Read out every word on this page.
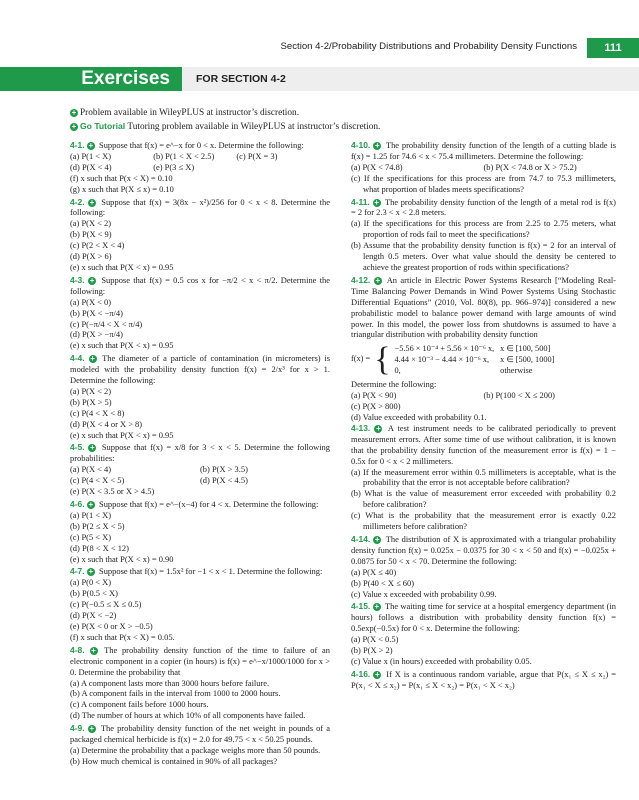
Section 4-2/Probability Distributions and Probability Density Functions	111
Exercises	FOR SECTION 4-2
+ Problem available in WileyPLUS at instructor’s discretion.
+ Go Tutorial Tutoring problem available in WileyPLUS at instructor’s discretion.
4-1. + Suppose that f(x) = e^−x for 0 < x. Determine the following:
(a) P(1 < X)	(b) P(1 < X < 2.5)	(c) P(X = 3)
(d) P(X < 4)	(e) P(3 ≤ X)
(f) x such that P(x < X) = 0.10
(g) x such that P(X ≤ x) = 0.10
4-2. + Suppose that f(x) = 3(8x − x²)/256 for 0 < x < 8. Determine the following:
(a) P(X < 2)
(b) P(X < 9)
(c) P(2 < X < 4)
(d) P(X > 6)
(e) x such that P(X < x) = 0.95
4-3. + Suppose that f(x) = 0.5 cos x for −π/2 < x < π/2. Determine the following:
(a) P(X < 0)
(b) P(X < −π/4)
(c) P(−π/4 < X < π/4)
(d) P(X > −π/4)
(e) x such that P(X < x) = 0.95
4-4. + The diameter of a particle of contamination (in micrometers) is modeled with the probability density function f(x) = 2/x³ for x > 1. Determine the following:
(a) P(X < 2)
(b) P(X > 5)
(c) P(4 < X < 8)
(d) P(X < 4 or X > 8)
(e) x such that P(X < x) = 0.95
4-5. + Suppose that f(x) = x/8 for 3 < x < 5. Determine the following probabilities:
(a) P(X < 4)	(b) P(X > 3.5)
(c) P(4 < X < 5)	(d) P(X < 4.5)
(e) P(X < 3.5 or X > 4.5)
4-6. + Suppose that f(x) = e^−(x−4) for 4 < x. Determine the following:
(a) P(1 < X)
(b) P(2 ≤ X < 5)
(c) P(5 < X)
(d) P(8 < X < 12)
(e) x such that P(X < x) = 0.90
4-7. + Suppose that f(x) = 1.5x² for −1 < x < 1. Determine the following:
(a) P(0 < X)
(b) P(0.5 < X)
(c) P(−0.5 ≤ X ≤ 0.5)
(d) P(X < −2)
(e) P(X < 0 or X > −0.5)
(f) x such that P(x < X) = 0.05.
4-8. + The probability density function of the time to failure of an electronic component in a copier (in hours) is f(x) = e^−x/1000/1000 for x > 0. Determine the probability that
(a) A component lasts more than 3000 hours before failure.
(b) A component fails in the interval from 1000 to 2000 hours.
(c) A component fails before 1000 hours.
(d) The number of hours at which 10% of all components have failed.
4-9. + The probability density function of the net weight in pounds of a packaged chemical herbicide is f(x) = 2.0 for 49.75 < x < 50.25 pounds.
(a) Determine the probability that a package weighs more than 50 pounds.
(b) How much chemical is contained in 90% of all packages?
4-10. + The probability density function of the length of a cutting blade is f(x) = 1.25 for 74.6 < x < 75.4 millimeters. Determine the following:
(a) P(X < 74.8)	(b) P(X < 74.8 or X > 75.2)
(c) If the specifications for this process are from 74.7 to 75.3 millimeters, what proportion of blades meets specifications?
4-11. + The probability density function of the length of a metal rod is f(x) = 2 for 2.3 < x < 2.8 meters.
(a) If the specifications for this process are from 2.25 to 2.75 meters, what proportion of rods fail to meet the specifications?
(b) Assume that the probability density function is f(x) = 2 for an interval of length 0.5 meters. Over what value should the density be centered to achieve the greatest proportion of rods within specifications?
4-12. + An article in Electric Power Systems Research [“Modeling Real-Time Balancing Power Demands in Wind Power Systems Using Stochastic Differential Equations” (2010, Vol. 80(8), pp. 966–974)] considered a new probabilistic model to balance power demand with large amounts of wind power. In this model, the power loss from shutdowns is assumed to have a triangular distribution with probability density function
f(x) = { −5.56 × 10⁻⁴ + 5.56 × 10⁻⁶ x,	x ∈ [100, 500]
4.44 × 10⁻³ − 4.44 × 10⁻⁶ x,	x ∈ [500, 1000]
0,	otherwise
Determine the following:
(a) P(X < 90)	(b) P(100 < X ≤ 200)
(c) P(X > 800)
(d) Value exceeded with probability 0.1.
4-13. + A test instrument needs to be calibrated periodically to prevent measurement errors. After some time of use without calibration, it is known that the probability density function of the measurement error is f(x) = 1 − 0.5x for 0 < x < 2 millimeters.
(a) If the measurement error within 0.5 millimeters is acceptable, what is the probability that the error is not acceptable before calibration?
(b) What is the value of measurement error exceeded with probability 0.2 before calibration?
(c) What is the probability that the measurement error is exactly 0.22 millimeters before calibration?
4-14. + The distribution of X is approximated with a triangular probability density function f(x) = 0.025x − 0.0375 for 30 < x < 50 and f(x) = −0.025x + 0.0875 for 50 < x < 70. Determine the following:
(a) P(X ≤ 40)
(b) P(40 < X ≤ 60)
(c) Value x exceeded with probability 0.99.
4-15. + The waiting time for service at a hospital emergency department (in hours) follows a distribution with probability density function f(x) = 0.5exp(−0.5x) for 0 < x. Determine the following:
(a) P(X < 0.5)
(b) P(X > 2)
(c) Value x (in hours) exceeded with probability 0.05.
4-16. + If X is a continuous random variable, argue that P(x₁ ≤ X ≤ x₂) = P(x₁ < X ≤ x₂) = P(x₁ ≤ X < x₂) = P(x₁ < X < x₂)
